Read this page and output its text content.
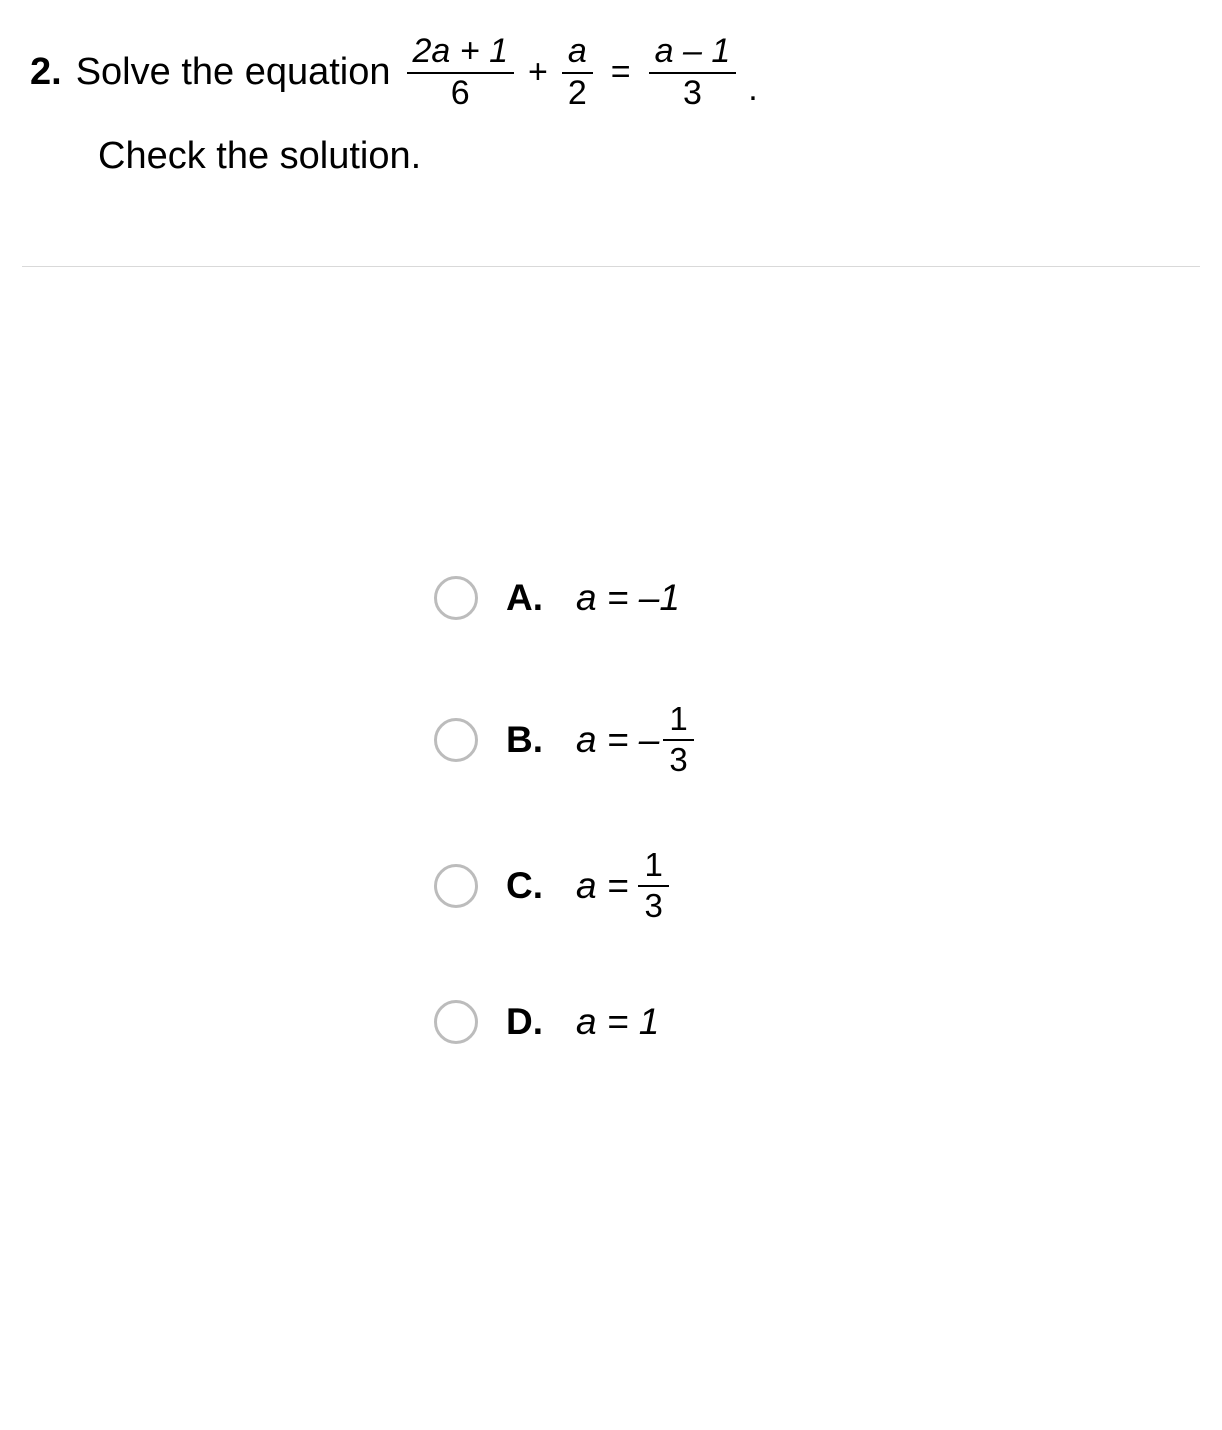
2. Solve the equation $\frac{2a + 1}{6} + \frac{a}{2} = \frac{a - 1}{3}$ .
Check the solution.
A. a = –1
B. a = – $\frac{1}{3}$
C. $a = \frac{1}{3}$
D. a = 1
